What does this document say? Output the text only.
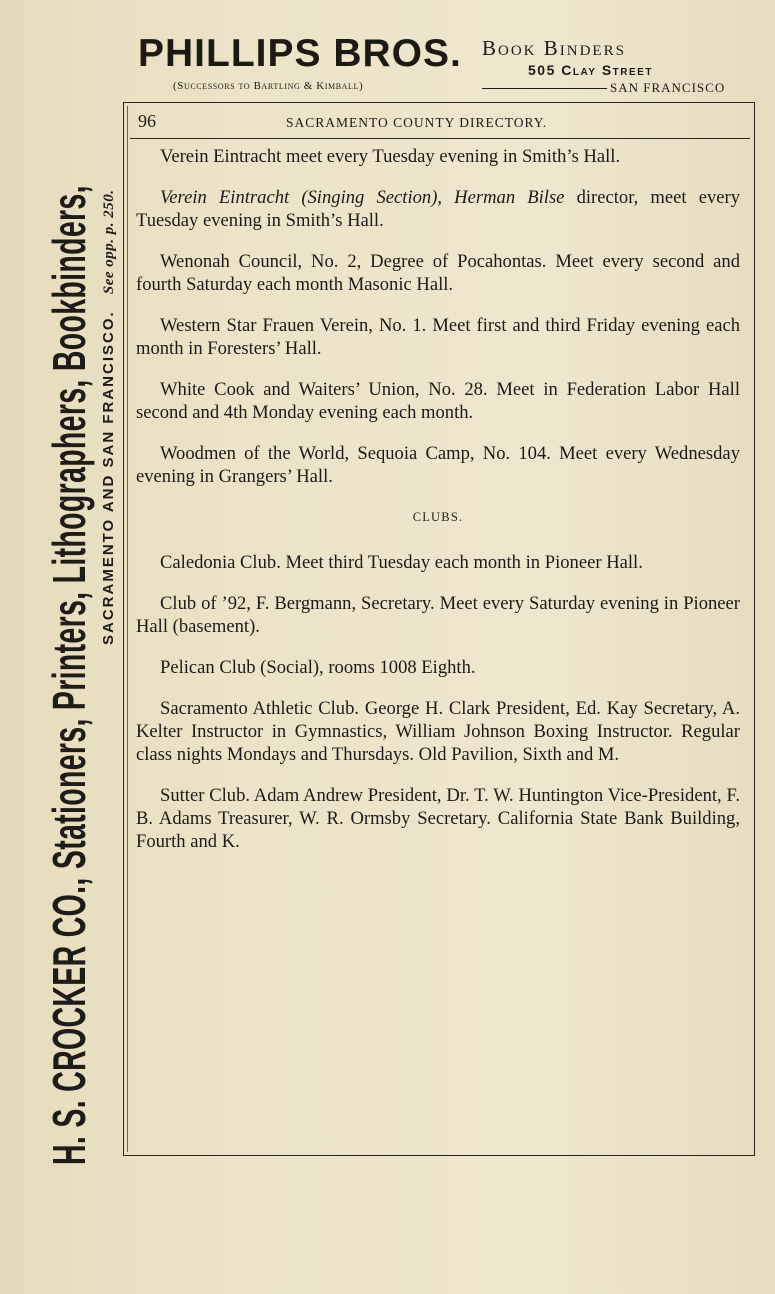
H. S. CROCKER CO., Stationers, Printers, Lithographers, Bookbinders, SACRAMENTO AND SAN FRANCISCO. See opp. p. 250.
PHILLIPS BROS.
(Successors to Bartling & Kimball)
Book Binders
505 Clay Street
SAN FRANCISCO
96	SACRAMENTO COUNTY DIRECTORY.

Verein Eintracht meet every Tuesday evening in Smith’s Hall.

Verein Eintracht (Singing Section), Herman Bilse director, meet every Tuesday evening in Smith’s Hall.

Wenonah Council, No. 2, Degree of Pocahontas. Meet every second and fourth Saturday each month Masonic Hall.

Western Star Frauen Verein, No. 1. Meet first and third Friday evening each month in Foresters’ Hall.

White Cook and Waiters’ Union, No. 28. Meet in Federation Labor Hall second and 4th Monday evening each month.

Woodmen of the World, Sequoia Camp, No. 104. Meet every Wednesday evening in Grangers’ Hall.

CLUBS.

Caledonia Club. Meet third Tuesday each month in Pioneer Hall.

Club of ’92, F. Bergmann, Secretary. Meet every Saturday evening in Pioneer Hall (basement).

Pelican Club (Social), rooms 1008 Eighth.

Sacramento Athletic Club. George H. Clark President, Ed. Kay Secretary, A. Kelter Instructor in Gymnastics, William Johnson Boxing Instructor. Regular class nights Mondays and Thursdays. Old Pavilion, Sixth and M.

Sutter Club. Adam Andrew President, Dr. T. W. Huntington Vice-President, F. B. Adams Treasurer, W. R. Ormsby Secretary. California State Bank Building, Fourth and K.
